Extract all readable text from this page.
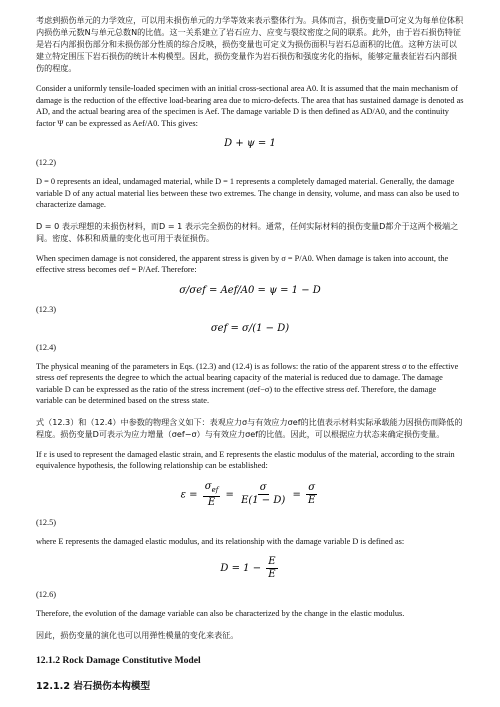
考虑到损伤单元的力学效应，可以用未损伤单元的力学等效来表示整体行为。具体而言，损伤变量D可定义为每单位体积内损伤单元数N与单元总数N的比值。这一关系建立了岩石应力、应变与裂纹密度之间的联系。此外，由于岩石损伤特征是岩石内部损伤部分和未损伤部分性质的综合反映，损伤变量也可定义为损伤面积与岩石总面积的比值。这种方法可以建立特定围压下岩石损伤的统计本构模型。因此，损伤变量作为岩石损伤和强度劣化的指标，能够定量表征岩石内部损伤的程度。

Consider a uniformly tensile-loaded specimen with an initial cross-sectional area A0. It is assumed that the main mechanism of damage is the reduction of the effective load-bearing area due to micro-defects. The area that has sustained damage is denoted as AD, and the actual bearing area of the specimen is Aef. The damage variable D is then defined as AD/A0, and the continuity factor Ψ can be expressed as Aef/A0. This gives:

D + ψ = 1
(12.2)

D = 0 represents an ideal, undamaged material, while D = 1 represents a completely damaged material. Generally, the damage variable D of any actual material lies between these two extremes. The change in density, volume, and mass can also be used to characterize damage.

D = 0 表示理想的未损伤材料，而D = 1 表示完全损伤的材料。通常，任何实际材料的损伤变量D都介于这两个极端之间。密度、体积和质量的变化也可用于表征损伤。

When specimen damage is not considered, the apparent stress is given by σ = P/A0. When damage is taken into account, the effective stress becomes σef = P/Aef. Therefore:

σ/σef = Aef/A0 = ψ = 1 − D
(12.3)
σef = σ/(1 − D)
(12.4)

The physical meaning of the parameters in Eqs. (12.3) and (12.4) is as follows: the ratio of the apparent stress σ to the effective stress σef represents the degree to which the actual bearing capacity of the material is reduced due to damage. The damage variable D can be expressed as the ratio of the stress increment (σef−σ) to the effective stress σef. Therefore, the damage variable can be determined based on the stress state.

式（12.3）和（12.4）中参数的物理含义如下：表观应力σ与有效应力σef的比值表示材料实际承载能力因损伤而降低的程度。损伤变量D可表示为应力增量（σef−σ）与有效应力σef的比值。因此，可以根据应力状态来确定损伤变量。

If ε is used to represent the damaged elastic strain, and E represents the elastic modulus of the material, according to the strain equivalence hypothesis, the following relationship can be established:

$\varepsilon = \frac{\sigma_{ef}}{E} = \frac{\sigma}{E(1 - D)} = \frac{\sigma}{E}$
(12.5)

where E represents the damaged elastic modulus, and its relationship with the damage variable D is defined as:

$D = 1 - \frac{E}{E}$
(12.6)

Therefore, the evolution of the damage variable can also be characterized by the change in the elastic modulus.

因此，损伤变量的演化也可以用弹性模量的变化来表征。

12.1.2 Rock Damage Constitutive Model
12.1.2 岩石损伤本构模型
